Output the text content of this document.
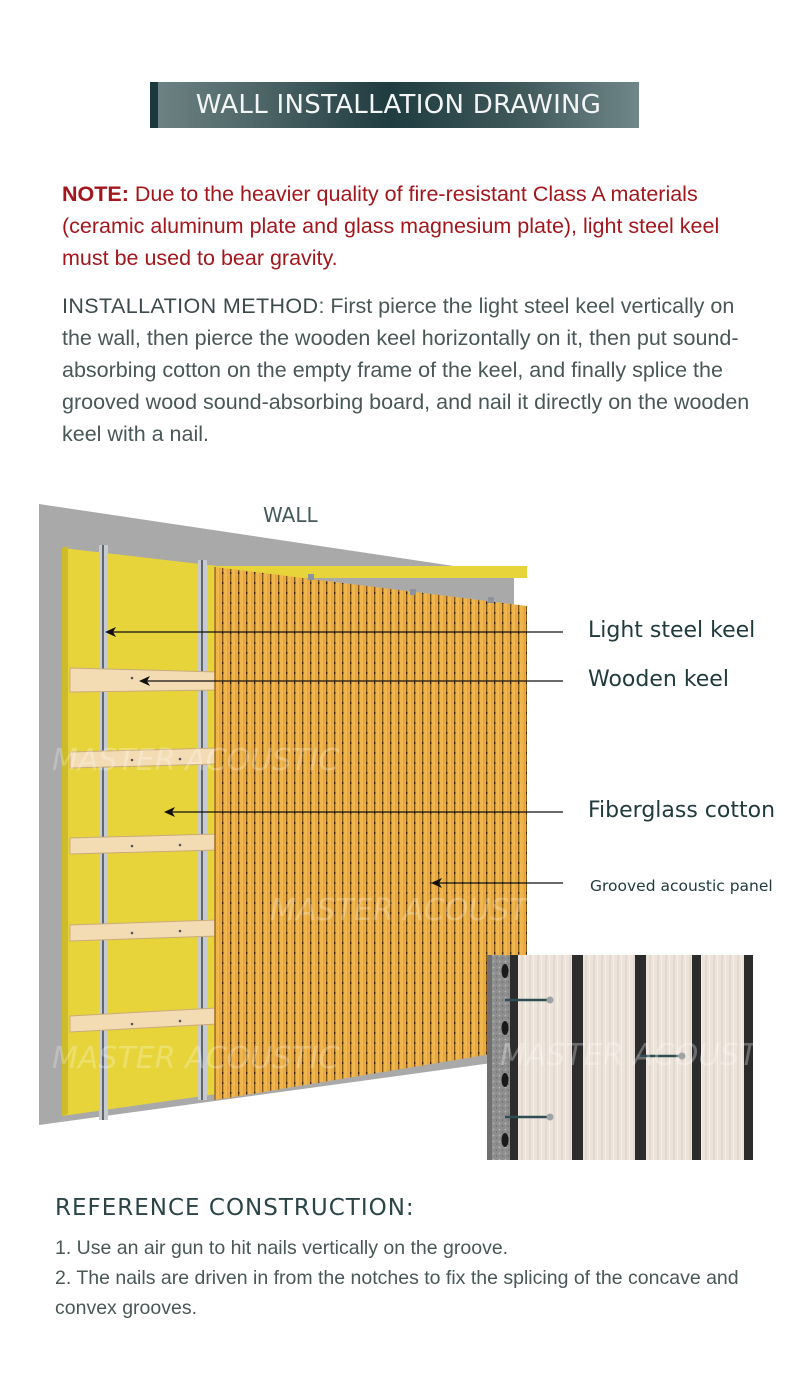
WALL INSTALLATION DRAWING
NOTE: Due to the heavier quality of fire-resistant Class A materials (ceramic aluminum plate and glass magnesium plate), light steel keel must be used to bear gravity.
INSTALLATION METHOD: First pierce the light steel keel vertically on the wall, then pierce the wooden keel horizontally on it, then put sound-absorbing cotton on the empty frame of the keel, and finally splice the grooved wood sound-absorbing board, and nail it directly on the wooden keel with a nail.
MASTER ACOUSTIC
MASTER ACOUSTIC
MASTER ACOUSTIC	MASTER ACOUSTIC
WALL
Light steel keel
Wooden keel
Fiberglass cotton
Grooved acoustic panel
REFERENCE CONSTRUCTION:
1. Use an air gun to hit nails vertically on the groove.
2. The nails are driven in from the notches to fix the splicing of the concave and convex grooves.
